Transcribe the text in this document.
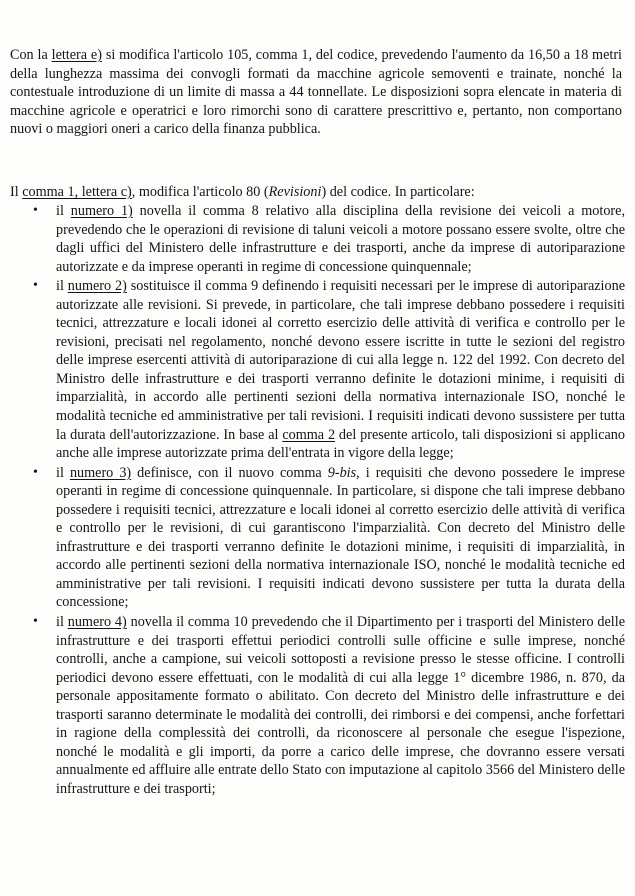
Con la lettera e) si modifica l'articolo 105, comma 1, del codice, prevedendo l'aumento da 16,50 a 18 metri della lunghezza massima dei convogli formati da macchine agricole semoventi e trainate, nonché la contestuale introduzione di un limite di massa a 44 tonnellate. Le disposizioni sopra elencate in materia di macchine agricole e operatrici e loro rimorchi sono di carattere prescrittivo e, pertanto, non comportano nuovi o maggiori oneri a carico della finanza pubblica.

Il comma 1, lettera c), modifica l'articolo 80 (Revisioni) del codice. In particolare:

• il numero 1) novella il comma 8 relativo alla disciplina della revisione dei veicoli a motore, prevedendo che le operazioni di revisione di taluni veicoli a motore possano essere svolte, oltre che dagli uffici del Ministero delle infrastrutture e dei trasporti, anche da imprese di autoriparazione autorizzate e da imprese operanti in regime di concessione quinquennale;
• il numero 2) sostituisce il comma 9 definendo i requisiti necessari per le imprese di autoriparazione autorizzate alle revisioni. Si prevede, in particolare, che tali imprese debbano possedere i requisiti tecnici, attrezzature e locali idonei al corretto esercizio delle attività di verifica e controllo per le revisioni, precisati nel regolamento, nonché devono essere iscritte in tutte le sezioni del registro delle imprese esercenti attività di autoriparazione di cui alla legge n. 122 del 1992. Con decreto del Ministro delle infrastrutture e dei trasporti verranno definite le dotazioni minime, i requisiti di imparzialità, in accordo alle pertinenti sezioni della normativa internazionale ISO, nonché le modalità tecniche ed amministrative per tali revisioni. I requisiti indicati devono sussistere per tutta la durata dell'autorizzazione. In base al comma 2 del presente articolo, tali disposizioni si applicano anche alle imprese autorizzate prima dell'entrata in vigore della legge;
• il numero 3) definisce, con il nuovo comma 9-bis, i requisiti che devono possedere le imprese operanti in regime di concessione quinquennale. In particolare, si dispone che tali imprese debbano possedere i requisiti tecnici, attrezzature e locali idonei al corretto esercizio delle attività di verifica e controllo per le revisioni, di cui garantiscono l'imparzialità. Con decreto del Ministro delle infrastrutture e dei trasporti verranno definite le dotazioni minime, i requisiti di imparzialità, in accordo alle pertinenti sezioni della normativa internazionale ISO, nonché le modalità tecniche ed amministrative per tali revisioni. I requisiti indicati devono sussistere per tutta la durata della concessione;
• il numero 4) novella il comma 10 prevedendo che il Dipartimento per i trasporti del Ministero delle infrastrutture e dei trasporti effettui periodici controlli sulle officine e sulle imprese, nonché controlli, anche a campione, sui veicoli sottoposti a revisione presso le stesse officine. I controlli periodici devono essere effettuati, con le modalità di cui alla legge 1° dicembre 1986, n. 870, da personale appositamente formato o abilitato. Con decreto del Ministro delle infrastrutture e dei trasporti saranno determinate le modalità dei controlli, dei rimborsi e dei compensi, anche forfettari in ragione della complessità dei controlli, da riconoscere al personale che esegue l'ispezione, nonché le modalità e gli importi, da porre a carico delle imprese, che dovranno essere versati annualmente ed affluire alle entrate dello Stato con imputazione al capitolo 3566 del Ministero delle infrastrutture e dei trasporti;
